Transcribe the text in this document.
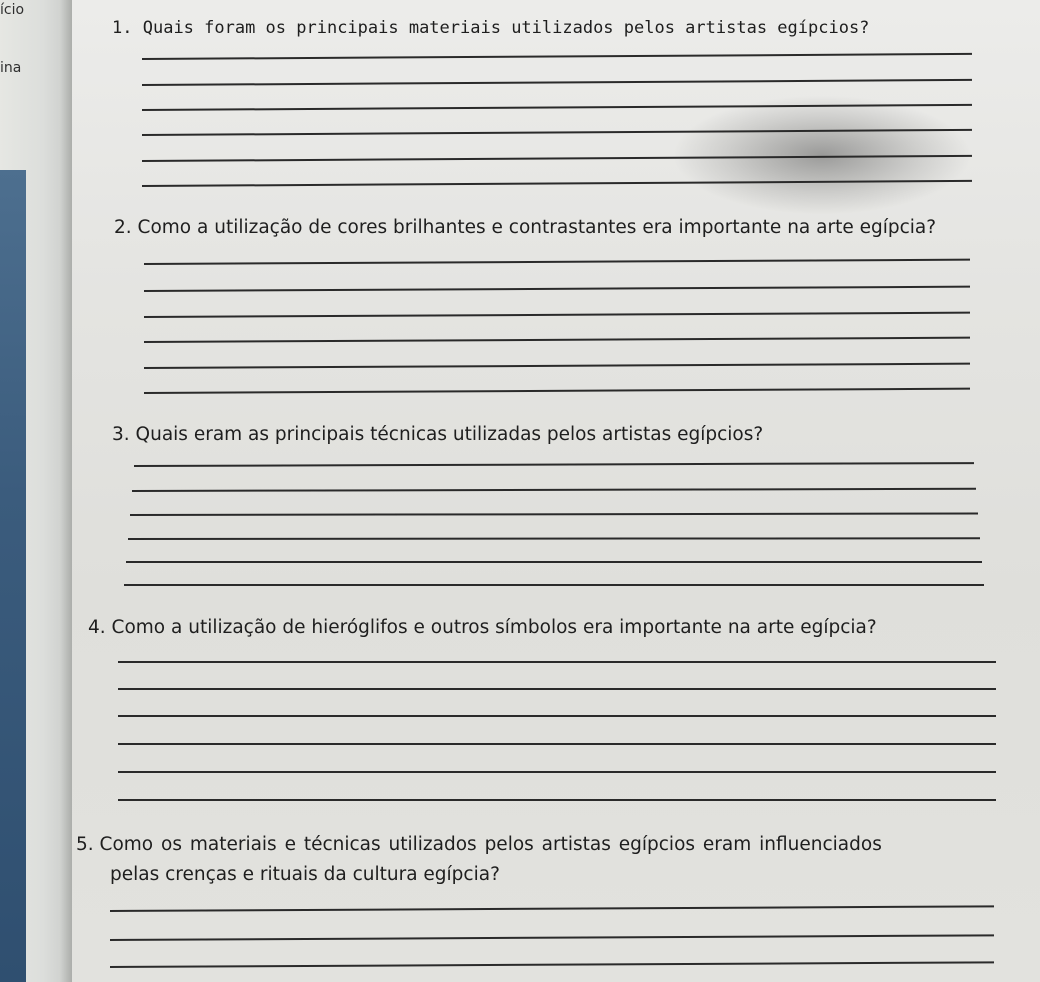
ício
ina
1. Quais foram os principais materiais utilizados pelos artistas egípcios?
2. Como a utilização de cores brilhantes e contrastantes era importante na arte egípcia?
3. Quais eram as principais técnicas utilizadas pelos artistas egípcios?
4. Como a utilização de hieróglifos e outros símbolos era importante na arte egípcia?
5. Como os materiais e técnicas utilizados pelos artistas egípcios eram influenciados
pelas crenças e rituais da cultura egípcia?
